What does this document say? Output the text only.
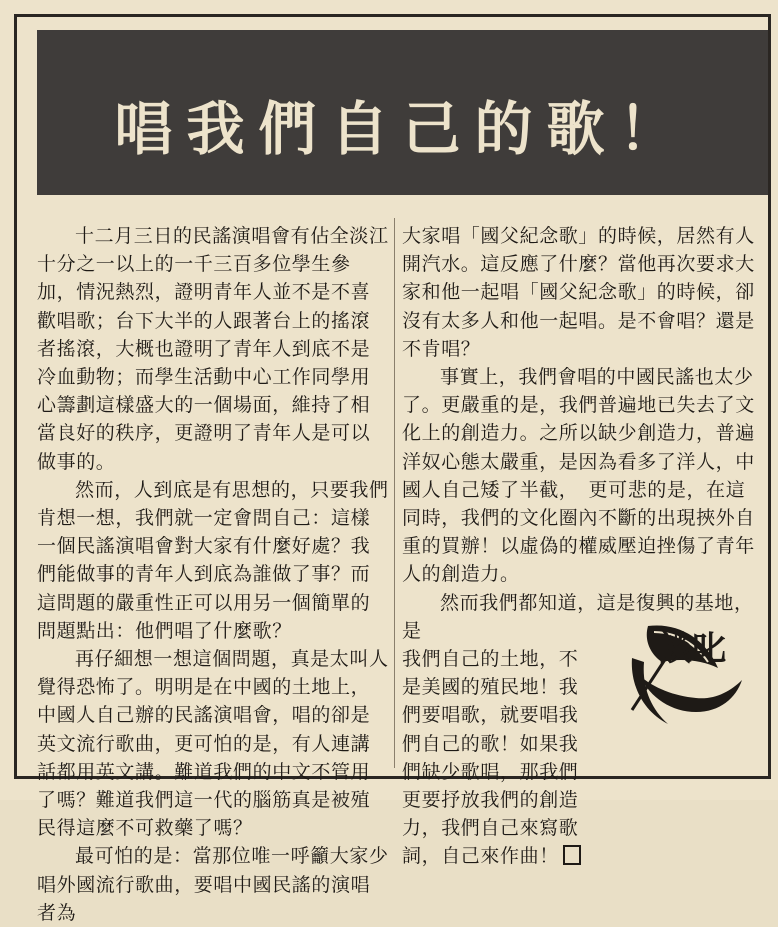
唱我們自己的歌！

十二月三日的民謠演唱會有佔全淡江十分之一以上的一千三百多位學生參加，情況熱烈，證明青年人並不是不喜歡唱歌；台下大半的人跟著台上的搖滾者搖滾，大概也證明了青年人到底不是冷血動物；而學生活動中心工作同學用心籌劃這樣盛大的一個場面，維持了相當良好的秩序，更證明了青年人是可以做事的。

然而，人到底是有思想的，只要我們肯想一想，我們就一定會問自己：這樣一個民謠演唱會對大家有什麼好處？我們能做事的青年人到底為誰做了事？而這問題的嚴重性正可以用另一個簡單的問題點出：他們唱了什麼歌？

再仔細想一想這個問題，真是太叫人覺得恐怖了。明明是在中國的土地上，中國人自己辦的民謠演唱會，唱的卻是英文流行歌曲，更可怕的是，有人連講話都用英文講。難道我們的中文不管用了嗎？難道我們這一代的腦筋真是被殖民得這麼不可救藥了嗎？

最可怕的是：當那位唯一呼籲大家少唱外國流行歌曲，要唱中國民謠的演唱者為

大家唱「國父紀念歌」的時候，居然有人開汽水。這反應了什麼？當他再次要求大家和他一起唱「國父紀念歌」的時候，卻沒有太多人和他一起唱。是不會唱？還是不肯唱？

事實上，我們會唱的中國民謠也太少了。更嚴重的是，我們普遍地已失去了文化上的創造力。之所以缺少創造力，普遍洋奴心態太嚴重，是因為看多了洋人，中國人自己矮了半截，　更可悲的是，在這同時，我們的文化圈內不斷的出現挾外自重的買辦！以虛偽的權威壓迫挫傷了青年人的創造力。

然而我們都知道，這是復興的基地，是

我們自己的土地，不是美國的殖民地！我們要唱歌，就要唱我們自己的歌！如果我們缺少歌唱，那我們更要抒放我們的創造力，我們自己來寫歌詞，自己來作曲！

談叱
